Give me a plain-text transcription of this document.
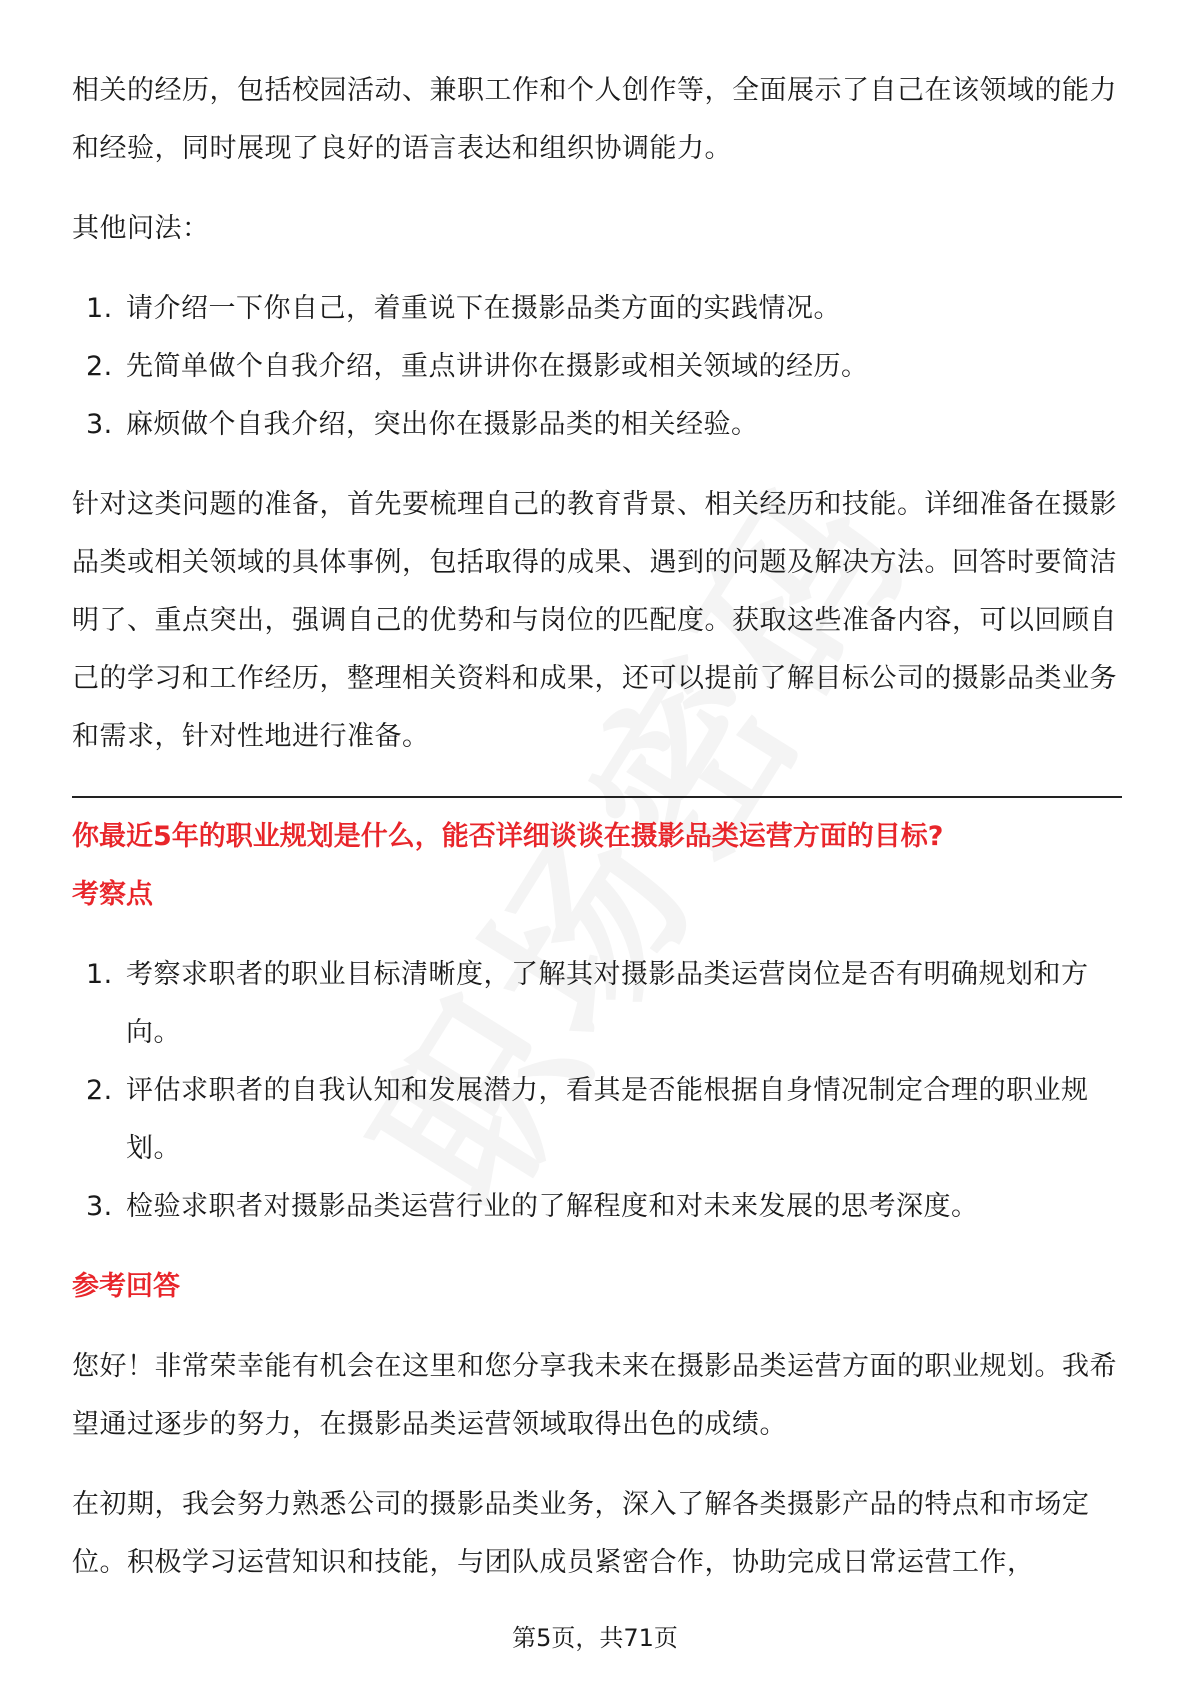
相关的经历，包括校园活动、兼职工作和个人创作等，全面展示了自己在该领域的能力和经验，同时展现了良好的语言表达和组织协调能力。

其他问法：

1. 请介绍一下你自己，着重说下在摄影品类方面的实践情况。
2. 先简单做个自我介绍，重点讲讲你在摄影或相关领域的经历。
3. 麻烦做个自我介绍，突出你在摄影品类的相关经验。

针对这类问题的准备，首先要梳理自己的教育背景、相关经历和技能。详细准备在摄影品类或相关领域的具体事例，包括取得的成果、遇到的问题及解决方法。回答时要简洁明了、重点突出，强调自己的优势和与岗位的匹配度。获取这些准备内容，可以回顾自己的学习和工作经历，整理相关资料和成果，还可以提前了解目标公司的摄影品类业务和需求，针对性地进行准备。

你最近5年的职业规划是什么，能否详细谈谈在摄影品类运营方面的目标?

考察点

1. 考察求职者的职业目标清晰度，了解其对摄影品类运营岗位是否有明确规划和方向。
2. 评估求职者的自我认知和发展潜力，看其是否能根据自身情况制定合理的职业规划。
3. 检验求职者对摄影品类运营行业的了解程度和对未来发展的思考深度。

参考回答

您好！非常荣幸能有机会在这里和您分享我未来在摄影品类运营方面的职业规划。我希望通过逐步的努力，在摄影品类运营领域取得出色的成绩。

在初期，我会努力熟悉公司的摄影品类业务，深入了解各类摄影产品的特点和市场定位。积极学习运营知识和技能，与团队成员紧密合作，协助完成日常运营工作，

第5页，共71页
